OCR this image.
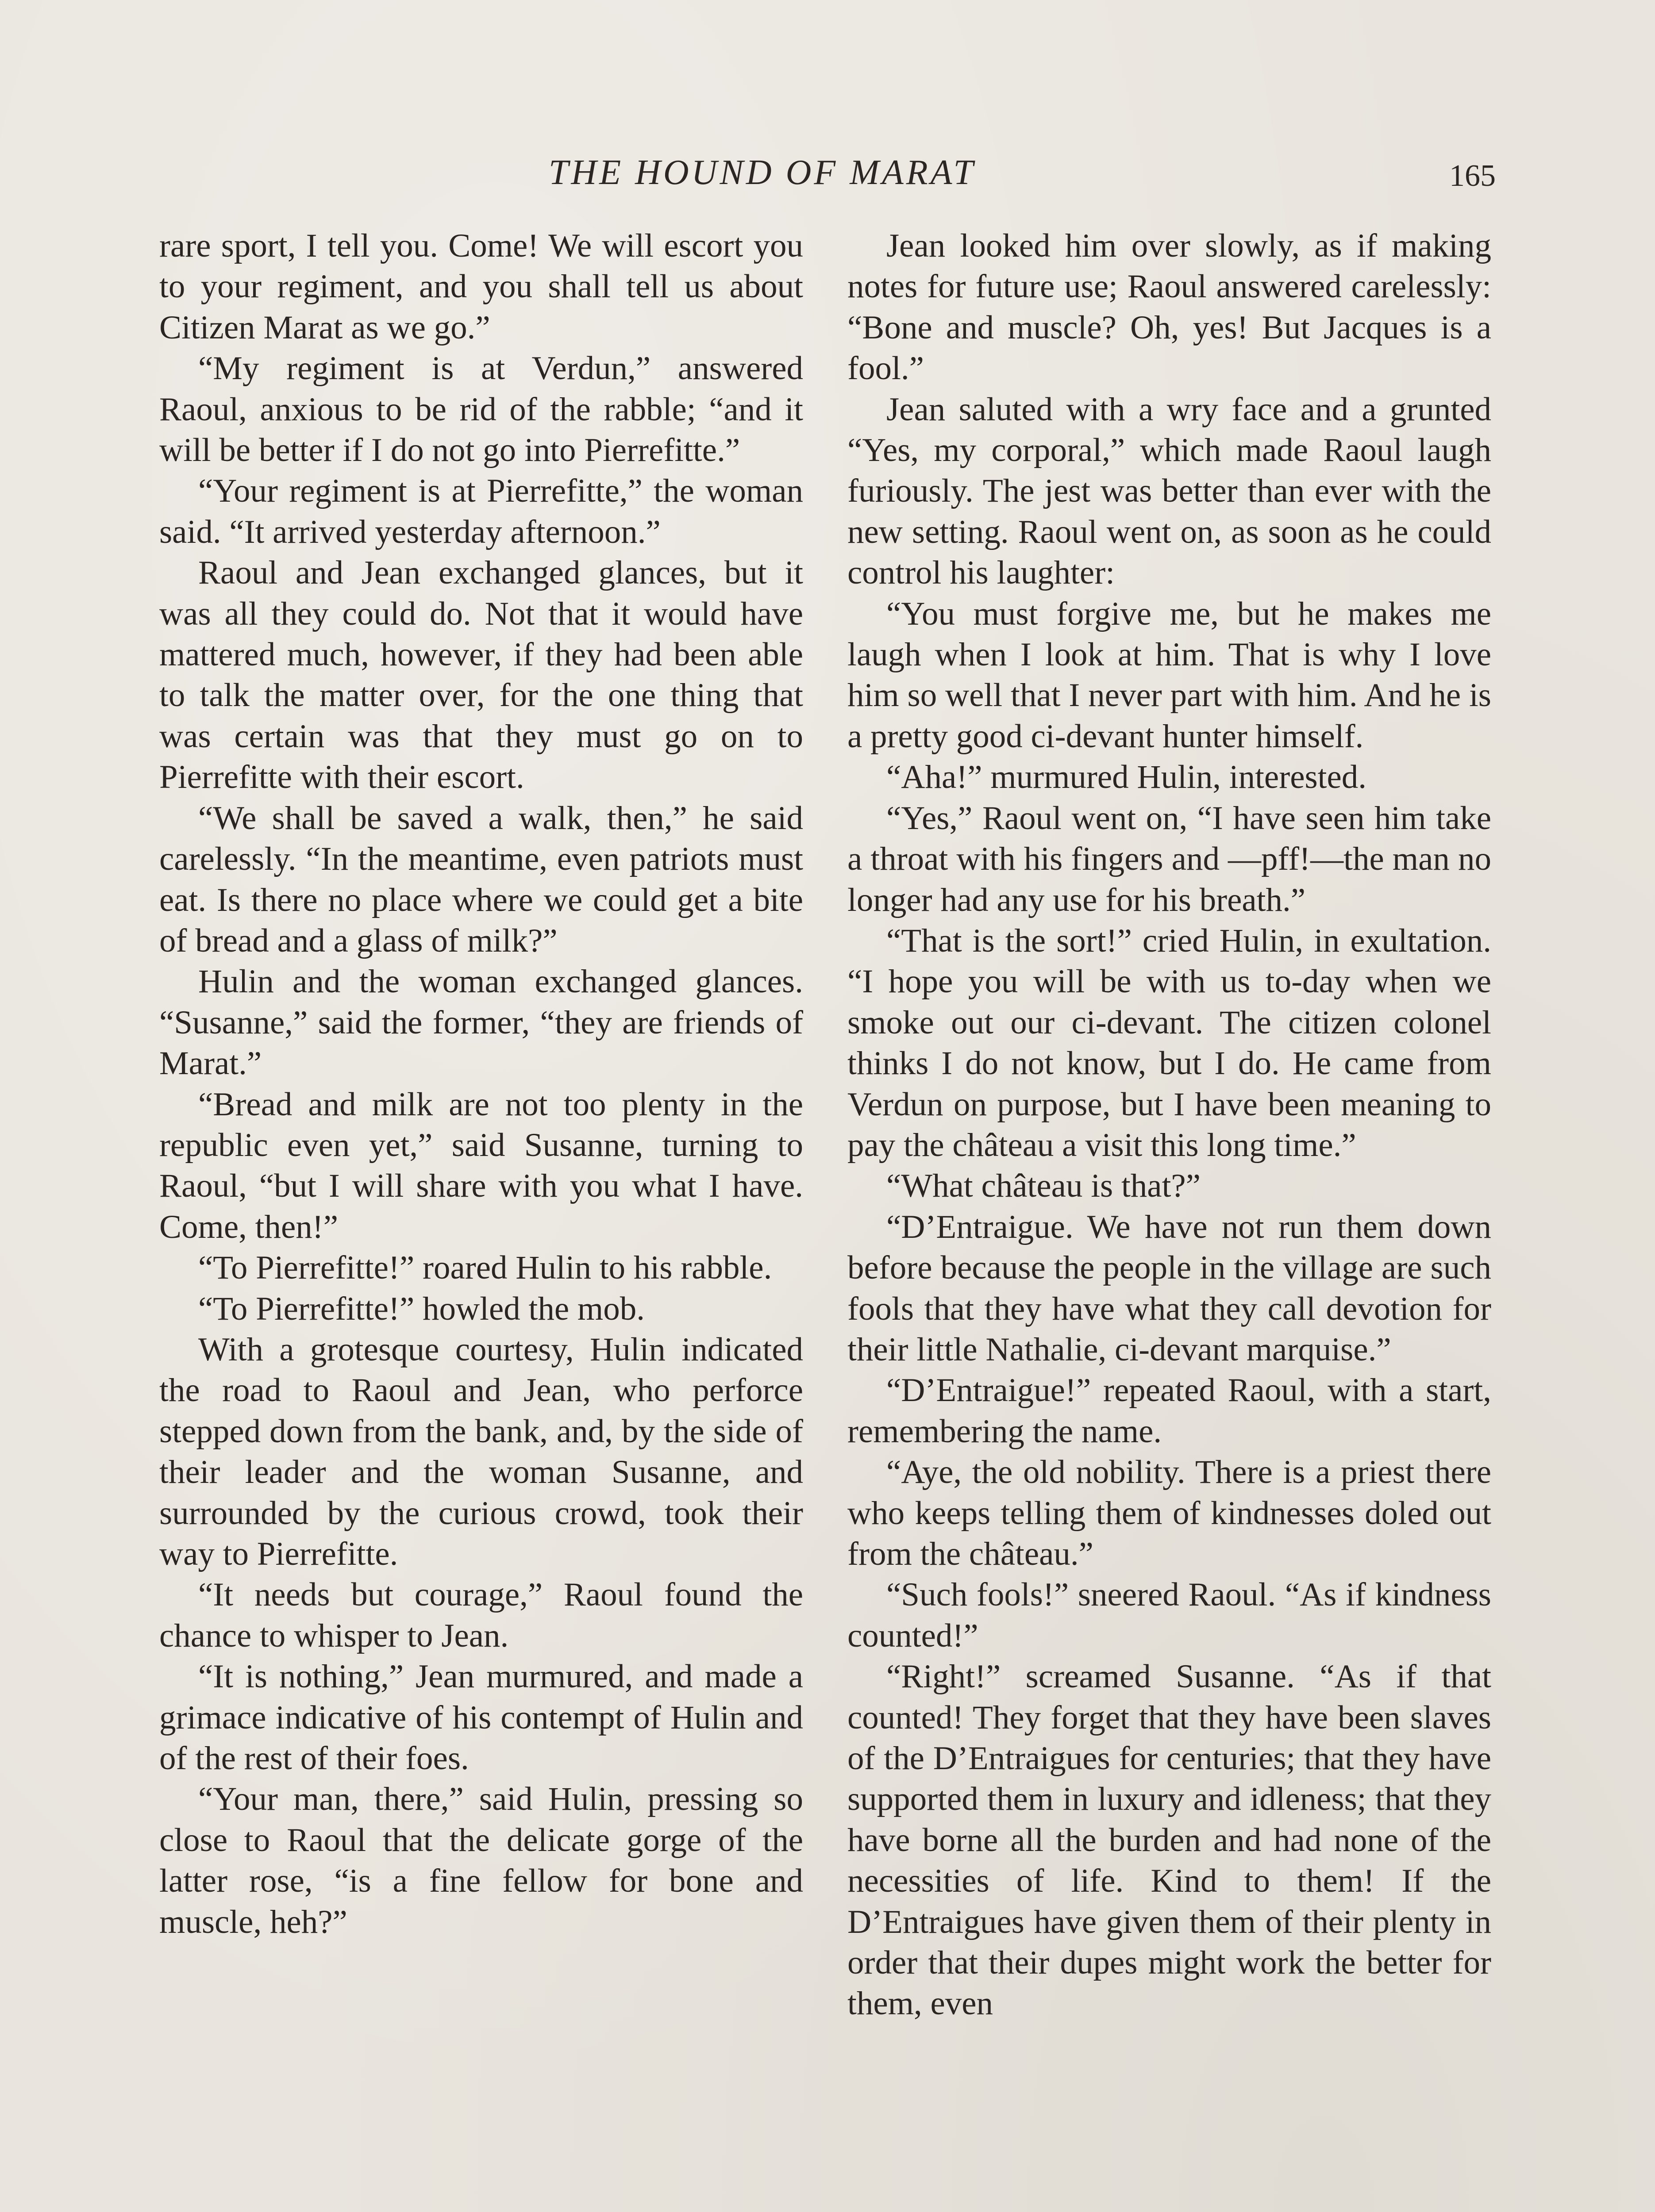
THE HOUND OF MARAT	165

rare sport, I tell you. Come! We will escort you to your regiment, and you shall tell us about Citizen Marat as we go.”

“My regiment is at Verdun,” answered Raoul, anxious to be rid of the rabble; “and it will be better if I do not go into Pierrefitte.”

“Your regiment is at Pierrefitte,” the woman said. “It arrived yesterday afternoon.”

Raoul and Jean exchanged glances, but it was all they could do. Not that it would have mattered much, however, if they had been able to talk the matter over, for the one thing that was certain was that they must go on to Pierrefitte with their escort.

“We shall be saved a walk, then,” he said carelessly. “In the meantime, even patriots must eat. Is there no place where we could get a bite of bread and a glass of milk?”

Hulin and the woman exchanged glances. “Susanne,” said the former, “they are friends of Marat.”

“Bread and milk are not too plenty in the republic even yet,” said Susanne, turning to Raoul, “but I will share with you what I have. Come, then!”

“To Pierrefitte!” roared Hulin to his rabble.

“To Pierrefitte!” howled the mob.

With a grotesque courtesy, Hulin indicated the road to Raoul and Jean, who perforce stepped down from the bank, and, by the side of their leader and the woman Susanne, and surrounded by the curious crowd, took their way to Pierrefitte.

“It needs but courage,” Raoul found the chance to whisper to Jean.

“It is nothing,” Jean murmured, and made a grimace indicative of his contempt of Hulin and of the rest of their foes.

“Your man, there,” said Hulin, pressing so close to Raoul that the delicate gorge of the latter rose, “is a fine fellow for bone and muscle, heh?”

Jean looked him over slowly, as if making notes for future use; Raoul answered carelessly: “Bone and muscle? Oh, yes! But Jacques is a fool.”

Jean saluted with a wry face and a grunted “Yes, my corporal,” which made Raoul laugh furiously. The jest was better than ever with the new setting. Raoul went on, as soon as he could control his laughter:

“You must forgive me, but he makes me laugh when I look at him. That is why I love him so well that I never part with him. And he is a pretty good ci-devant hunter himself.

“Aha!” murmured Hulin, interested.

“Yes,” Raoul went on, “I have seen him take a throat with his fingers and —pff!—the man no longer had any use for his breath.”

“That is the sort!” cried Hulin, in exultation. “I hope you will be with us to-day when we smoke out our ci-devant. The citizen colonel thinks I do not know, but I do. He came from Verdun on purpose, but I have been meaning to pay the château a visit this long time.”

“What château is that?”

“D’Entraigue. We have not run them down before because the people in the village are such fools that they have what they call devotion for their little Nathalie, ci-devant marquise.”

“D’Entraigue!” repeated Raoul, with a start, remembering the name.

“Aye, the old nobility. There is a priest there who keeps telling them of kindnesses doled out from the château.”

“Such fools!” sneered Raoul. “As if kindness counted!”

“Right!” screamed Susanne. “As if that counted! They forget that they have been slaves of the D’Entraigues for centuries; that they have supported them in luxury and idleness; that they have borne all the burden and had none of the necessities of life. Kind to them! If the D’Entraigues have given them of their plenty in order that their dupes might work the better for them, even
